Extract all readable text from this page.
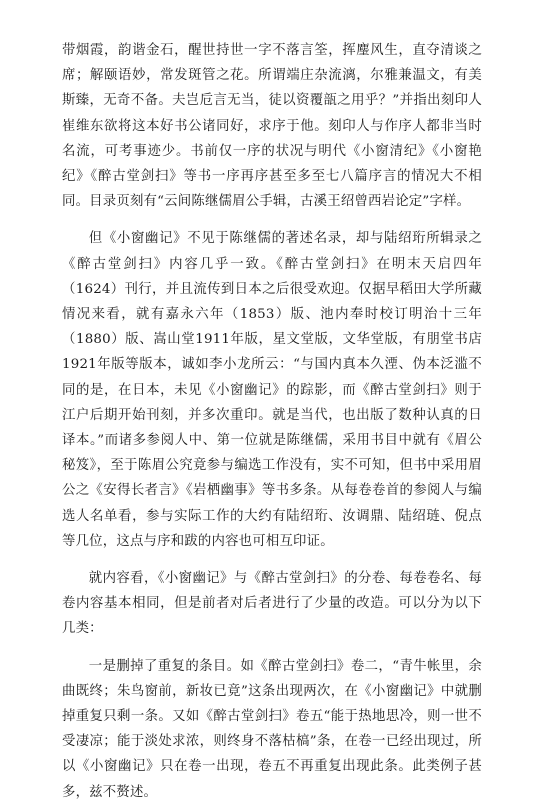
带烟霞，韵谐金石，醒世持世一字不落言筌，挥麈风生，直夺清谈之席；解颐语妙，常发斑管之花。所谓端庄杂流漓，尔雅兼温文，有美斯臻，无奇不备。夫岂卮言无当，徒以资覆瓿之用乎？”并指出刻印人崔维东欲将这本好书公诸同好，求序于他。刻印人与作序人都非当时名流，可考事迹少。书前仅一序的状况与明代《小窗清纪》《小窗艳纪》《醉古堂剑扫》等书一序再序甚至多至七八篇序言的情况大不相同。目录页刻有“云间陈继儒眉公手辑，古溪王绍曾西岩论定”字样。

但《小窗幽记》不见于陈继儒的著述名录，却与陆绍珩所辑录之《醉古堂剑扫》内容几乎一致。《醉古堂剑扫》在明末天启四年（1624）刊行，并且流传到日本之后很受欢迎。仅据早稻田大学所藏情况来看，就有嘉永六年（1853）版、池内奉时校订明治十三年（1880）版、嵩山堂1911年版，星文堂版，文华堂版，有朋堂书店1921年版等版本，诚如李小龙所云：“与国内真本久湮、伪本泛滥不同的是，在日本，未见《小窗幽记》的踪影，而《醉古堂剑扫》则于江户后期开始刊刻，并多次重印。就是当代，也出版了数种认真的日译本。”而诸多参阅人中、第一位就是陈继儒，采用书目中就有《眉公秘笈》，至于陈眉公究竟参与编选工作没有，实不可知，但书中采用眉公之《安得长者言》《岩栖幽事》等书多条。从每卷卷首的参阅人与编选人名单看，参与实际工作的大约有陆绍珩、汝调鼎、陆绍琏、倪点等几位，这点与序和跋的内容也可相互印证。

就内容看，《小窗幽记》与《醉古堂剑扫》的分卷、每卷卷名、每卷内容基本相同，但是前者对后者进行了少量的改造。可以分为以下几类：

一是删掉了重复的条目。如《醉古堂剑扫》卷二，“青牛帐里，余曲既终；朱鸟窗前，新妆已竟”这条出现两次，在《小窗幽记》中就删掉重复只剩一条。又如《醉古堂剑扫》卷五“能于热地思冷，则一世不受凄凉；能于淡处求浓，则终身不落枯槁”条，在卷一已经出现过，所以《小窗幽记》只在卷一出现，卷五不再重复出现此条。此类例子甚多，兹不赘述。
